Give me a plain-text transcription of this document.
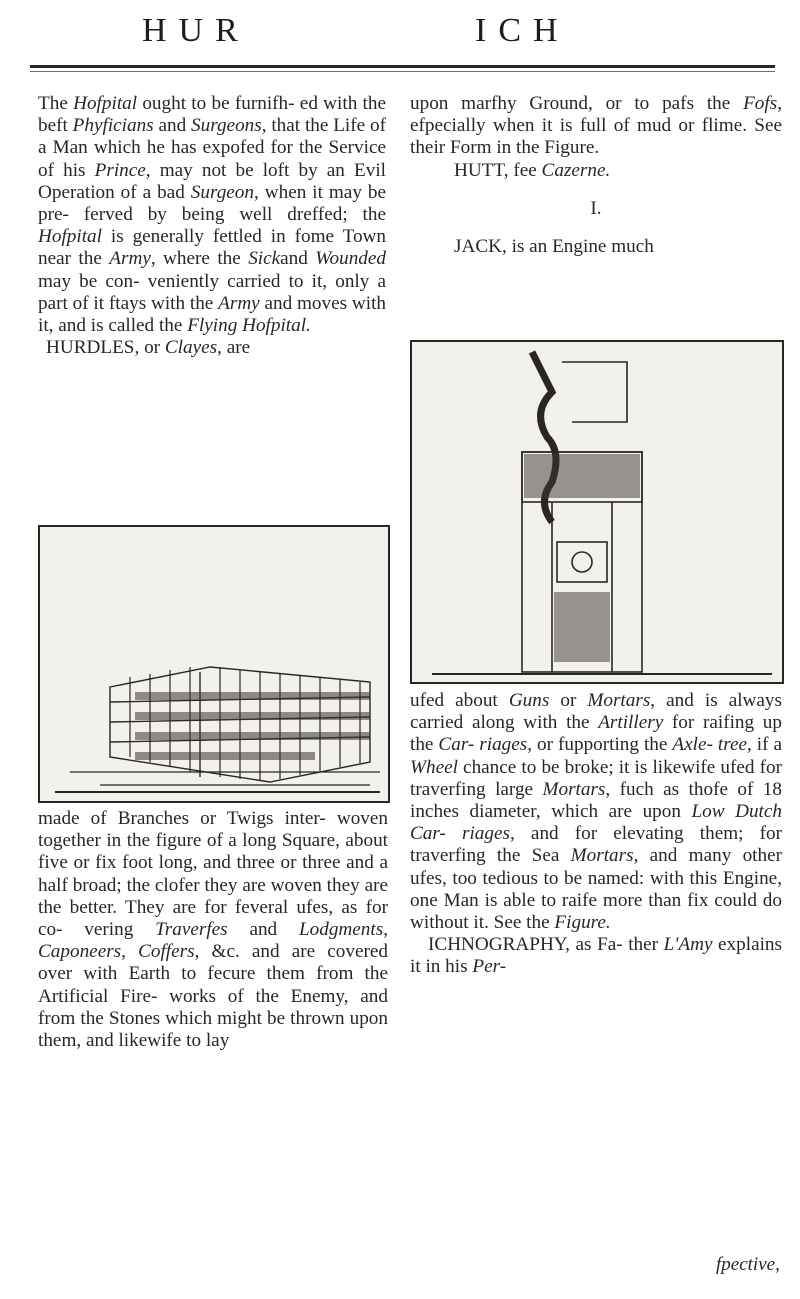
HUR	ICH

The Hofpital ought to be furnifh- ed with the beft Phyficians and Surgeons, that the Life of a Man which he has expofed for the Service of his Prince, may not be loft by an Evil Operation of a bad Surgeon, when it may be pre- ferved by being well dreffed; the Hofpital is generally fettled in fome Town near the Army, where the Sickand Wounded may be con- veniently carried to it, only a part of it ftays with the Army and moves with it, and is called the Flying Hofpital.

HURDLES, or Clayes, are

made of Branches or Twigs inter- woven together in the figure of a long Square, about five or fix foot long, and three or three and a half broad; the clofer they are woven they are the better. They are for feveral ufes, as for co- vering Traverfes and Lodgments, Caponeers, Coffers, &c. and are covered over with Earth to fecure them from the Artificial Fire- works of the Enemy, and from the Stones which might be thrown upon them, and likewife to lay

upon marfhy Ground, or to pafs the Fofs, efpecially when it is full of mud or flime. See their Form in the Figure.

HUTT, fee Cazerne.

I.

JACK, is an Engine much

ufed about Guns or Mortars, and is always carried along with the Artillery for raifing up the Car- riages, or fupporting the Axle- tree, if a Wheel chance to be broke; it is likewife ufed for traverfing large Mortars, fuch as thofe of 18 inches diameter, which are upon Low Dutch Car- riages, and for elevating them; for traverfing the Sea Mortars, and many other ufes, too tedious to be named: with this Engine, one Man is able to raife more than fix could do without it. See the Figure.

ICHNOGRAPHY, as Fa- ther L'Amy explains it in his Per-

fpective,
